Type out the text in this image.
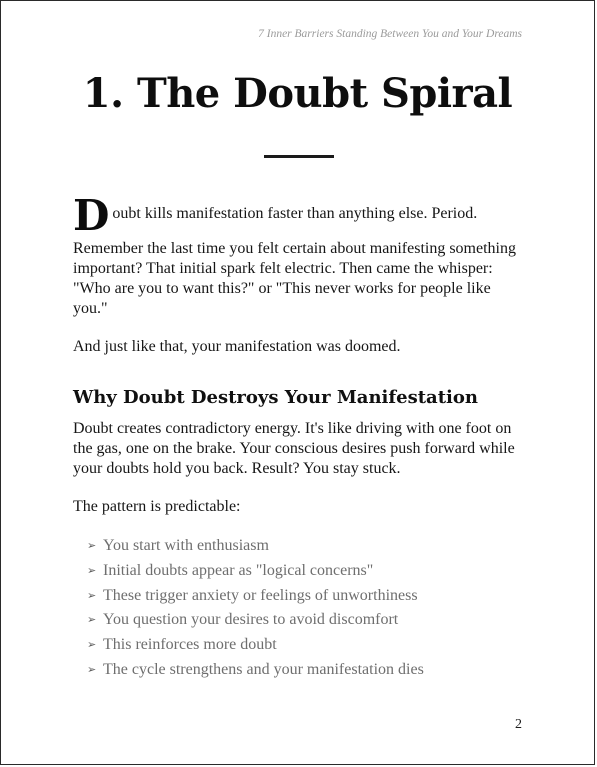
7 Inner Barriers Standing Between You and Your Dreams
1. The Doubt Spiral

D oubt kills manifestation faster than anything else. Period.

Remember the last time you felt certain about manifesting something important? That initial spark felt electric. Then came the whisper: "Who are you to want this?" or "This never works for people like you."

And just like that, your manifestation was doomed.

Why Doubt Destroys Your Manifestation

Doubt creates contradictory energy. It's like driving with one foot on the gas, one on the brake. Your conscious desires push forward while your doubts hold you back. Result? You stay stuck.

The pattern is predictable:

➢ You start with enthusiasm
➢ Initial doubts appear as "logical concerns"
➢ These trigger anxiety or feelings of unworthiness
➢ You question your desires to avoid discomfort
➢ This reinforces more doubt
➢ The cycle strengthens and your manifestation dies
2
